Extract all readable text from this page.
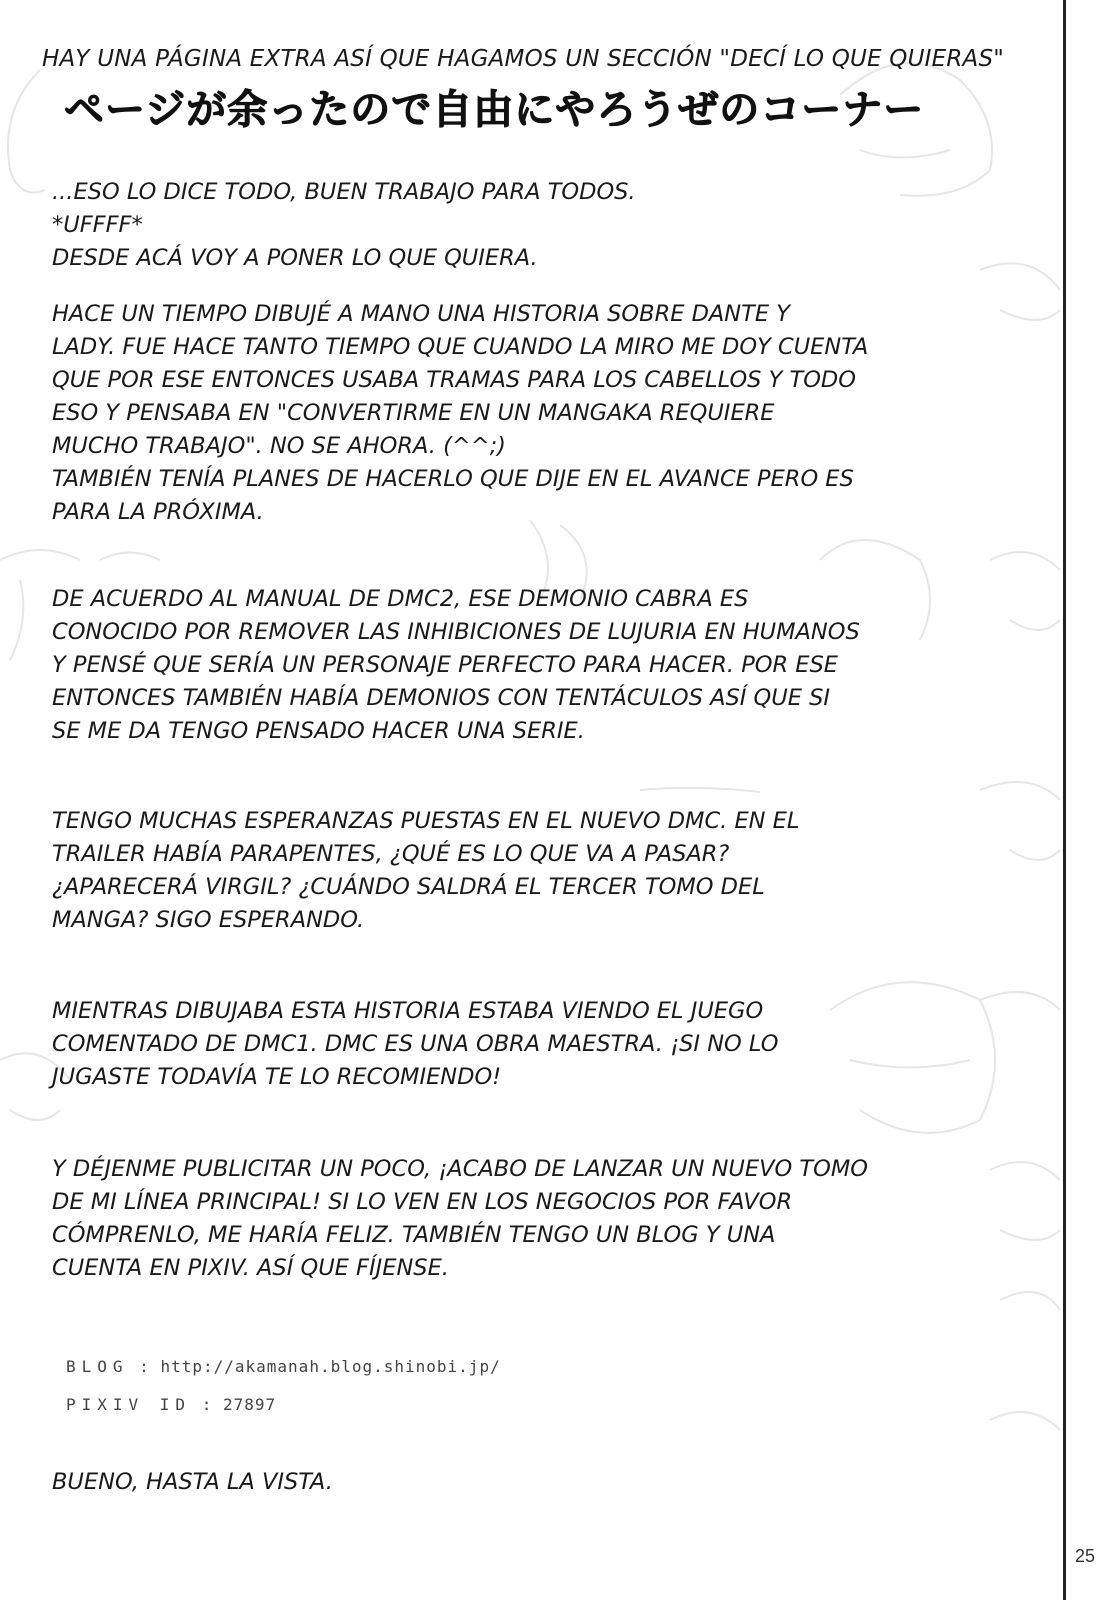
HAY UNA PÁGINA EXTRA ASÍ QUE HAGAMOS UN SECCIÓN "DECÍ LO QUE QUIERAS"
ページが余ったので自由にやろうぜのコーナー
...ESO LO DICE TODO, BUEN TRABAJO PARA TODOS.
*UFFFF*
DESDE ACÁ VOY A PONER LO QUE QUIERA.
HACE UN TIEMPO DIBUJÉ A MANO UNA HISTORIA SOBRE DANTE Y
LADY. FUE HACE TANTO TIEMPO QUE CUANDO LA MIRO ME DOY CUENTA
QUE POR ESE ENTONCES USABA TRAMAS PARA LOS CABELLOS Y TODO
ESO Y PENSABA EN "CONVERTIRME EN UN MANGAKA REQUIERE
MUCHO TRABAJO". NO SE AHORA. (^^;)
TAMBIÉN TENÍA PLANES DE HACERLO QUE DIJE EN EL AVANCE PERO ES
PARA LA PRÓXIMA.
DE ACUERDO AL MANUAL DE DMC2, ESE DEMONIO CABRA ES
CONOCIDO POR REMOVER LAS INHIBICIONES DE LUJURIA EN HUMANOS
Y PENSÉ QUE SERÍA UN PERSONAJE PERFECTO PARA HACER. POR ESE
ENTONCES TAMBIÉN HABÍA DEMONIOS CON TENTÁCULOS ASÍ QUE SI
SE ME DA TENGO PENSADO HACER UNA SERIE.
TENGO MUCHAS ESPERANZAS PUESTAS EN EL NUEVO DMC. EN EL
TRAILER HABÍA PARAPENTES, ¿QUÉ ES LO QUE VA A PASAR?
¿APARECERÁ VIRGIL? ¿CUÁNDO SALDRÁ EL TERCER TOMO DEL
MANGA? SIGO ESPERANDO.
MIENTRAS DIBUJABA ESTA HISTORIA ESTABA VIENDO EL JUEGO
COMENTADO DE DMC1. DMC ES UNA OBRA MAESTRA. ¡SI NO LO
JUGASTE TODAVÍA TE LO RECOMIENDO!
Y DÉJENME PUBLICITAR UN POCO, ¡ACABO DE LANZAR UN NUEVO TOMO
DE MI LÍNEA PRINCIPAL! SI LO VEN EN LOS NEGOCIOS POR FAVOR
CÓMPRENLO, ME HARÍA FELIZ. TAMBIÉN TENGO UN BLOG Y UNA
CUENTA EN PIXIV. ASÍ QUE FÍJENSE.
BLOG : http://akamanah.blog.shinobi.jp/
PIXIV ID : 27897
BUENO, HASTA LA VISTA.
25
